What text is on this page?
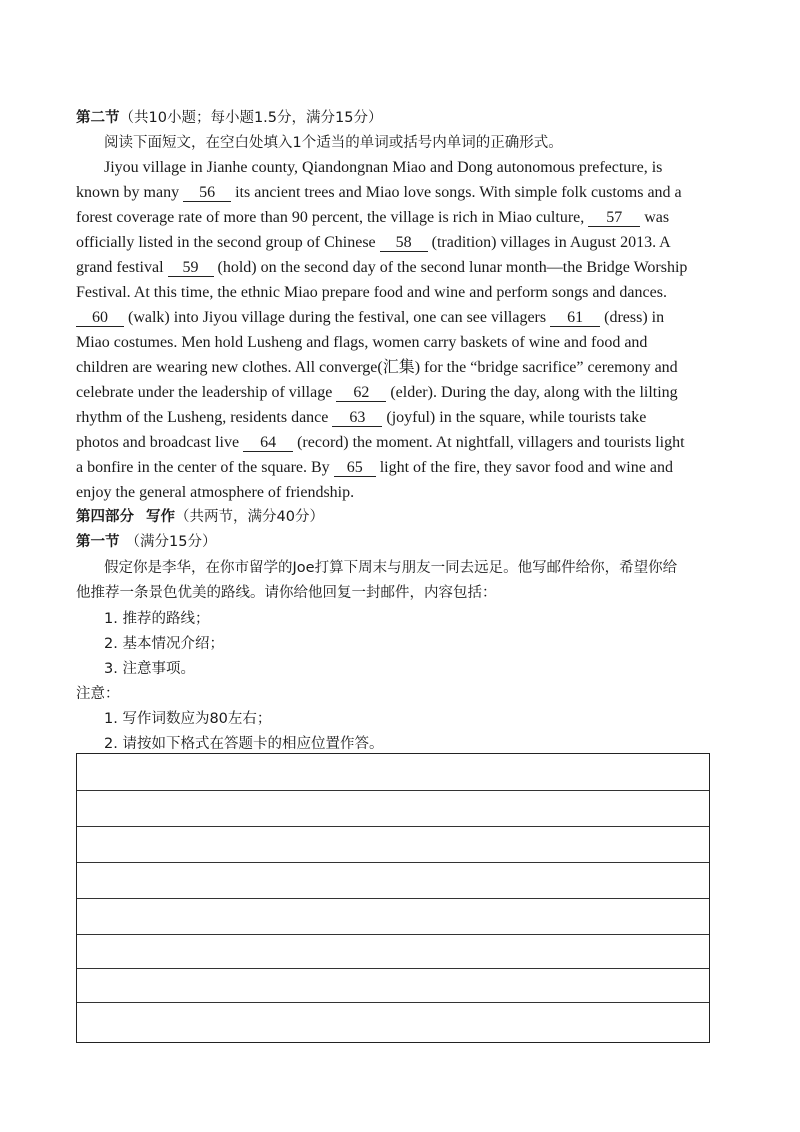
第二节（共10小题；每小题1.5分，满分15分）
阅读下面短文，在空白处填入1个适当的单词或括号内单词的正确形式。
Jiyou village in Jianhe county, Qiandongnan Miao and Dong autonomous prefecture, is
known by many 56 its ancient trees and Miao love songs. With simple folk customs and a
forest coverage rate of more than 90 percent, the village is rich in Miao culture, 57 was
officially listed in the second group of Chinese 58 (tradition) villages in August 2013. A
grand festival 59 (hold) on the second day of the second lunar month—the Bridge Worship
Festival. At this time, the ethnic Miao prepare food and wine and perform songs and dances.
60 (walk) into Jiyou village during the festival, one can see villagers 61 (dress) in
Miao costumes. Men hold Lusheng and flags, women carry baskets of wine and food and
children are wearing new clothes. All converge(汇集) for the “bridge sacrifice” ceremony and
celebrate under the leadership of village 62 (elder). During the day, along with the lilting
rhythm of the Lusheng, residents dance 63 (joyful) in the square, while tourists take
photos and broadcast live 64 (record) the moment. At nightfall, villagers and tourists light
a bonfire in the center of the square. By 65 light of the fire, they savor food and wine and
enjoy the general atmosphere of friendship.
第四部分 写作（共两节，满分40分）
第一节 （满分15分）
假定你是李华，在你市留学的Joe打算下周末与朋友一同去远足。他写邮件给你，希望你给
他推荐一条景色优美的路线。请你给他回复一封邮件，内容包括：
1. 推荐的路线；
2. 基本情况介绍；
3. 注意事项。
注意：
1. 写作词数应为80左右；
2. 请按如下格式在答题卡的相应位置作答。
